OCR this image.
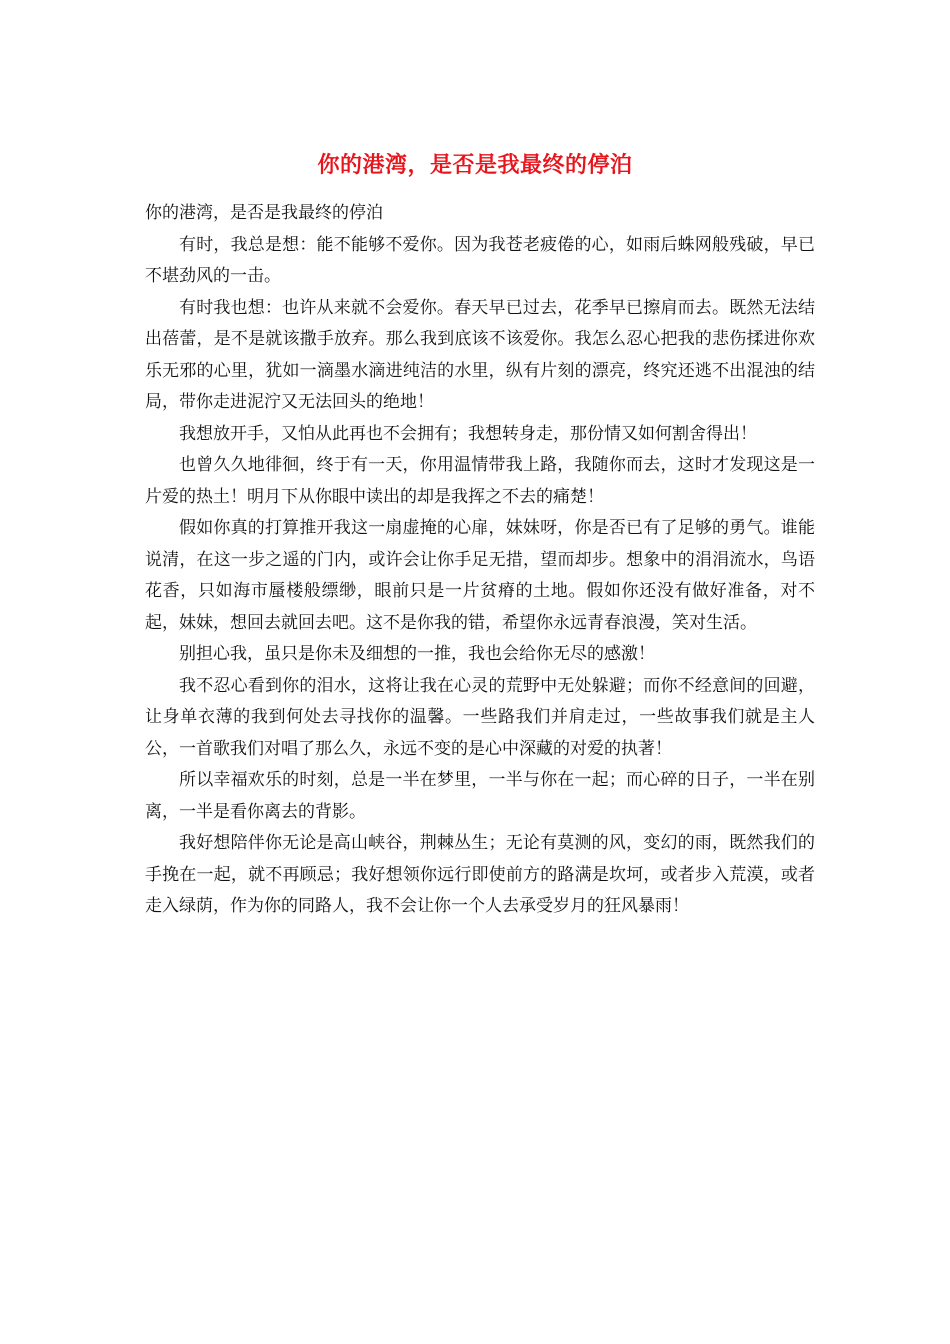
你的港湾，是否是我最终的停泊

你的港湾，是否是我最终的停泊

有时，我总是想：能不能够不爱你。因为我苍老疲倦的心，如雨后蛛网般残破，早已不堪劲风的一击。

有时我也想：也许从来就不会爱你。春天早已过去，花季早已擦肩而去。既然无法结出蓓蕾，是不是就该撒手放弃。那么我到底该不该爱你。我怎么忍心把我的悲伤揉进你欢乐无邪的心里，犹如一滴墨水滴进纯洁的水里，纵有片刻的漂亮，终究还逃不出混浊的结局，带你走进泥泞又无法回头的绝地！

我想放开手，又怕从此再也不会拥有；我想转身走，那份情又如何割舍得出！

也曾久久地徘徊，终于有一天，你用温情带我上路，我随你而去，这时才发现这是一片爱的热土！明月下从你眼中读出的却是我挥之不去的痛楚！

假如你真的打算推开我这一扇虚掩的心扉，妹妹呀，你是否已有了足够的勇气。谁能说清，在这一步之遥的门内，或许会让你手足无措，望而却步。想象中的涓涓流水，鸟语花香，只如海市蜃楼般缥缈，眼前只是一片贫瘠的土地。假如你还没有做好准备，对不起，妹妹，想回去就回去吧。这不是你我的错，希望你永远青春浪漫，笑对生活。

别担心我，虽只是你未及细想的一推，我也会给你无尽的感激！

我不忍心看到你的泪水，这将让我在心灵的荒野中无处躲避；而你不经意间的回避，让身单衣薄的我到何处去寻找你的温馨。一些路我们并肩走过，一些故事我们就是主人公，一首歌我们对唱了那么久，永远不变的是心中深藏的对爱的执著！

所以幸福欢乐的时刻，总是一半在梦里，一半与你在一起；而心碎的日子，一半在别离，一半是看你离去的背影。

我好想陪伴你无论是高山峡谷，荆棘丛生；无论有莫测的风，变幻的雨，既然我们的手挽在一起，就不再顾忌；我好想领你远行即使前方的路满是坎坷，或者步入荒漠，或者走入绿荫，作为你的同路人，我不会让你一个人去承受岁月的狂风暴雨！
